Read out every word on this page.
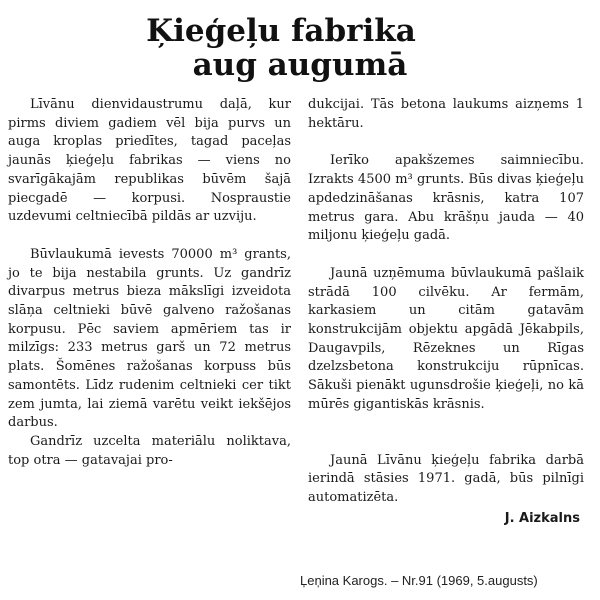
Ķieģeļu fabrika
aug augumā

Līvānu dienvidaustrumu daļā, kur pirms diviem gadiem vēl bija purvs un auga kroplas priedītes, tagad paceļas jaunās ķieģeļu fabrikas — viens no svarīgākajām republikas būvēm šajā piecgadē — korpusi. Nospraustie uzdevumi celtniecībā pildās ar uzviju.

Būvlaukumā ievests 70000 m³ grants, jo te bija nestabila grunts. Uz gandrīz divarpus metrus bieza mākslīgi izveidota slāņa celtnieki būvē galveno ražošanas korpusu. Pēc saviem apmēriem tas ir milzīgs: 233 metrus garš un 72 metrus plats. Šomēnes ražošanas korpuss būs samontēts. Līdz rudenim celtnieki cer tikt zem jumta, lai ziemā varētu veikt iekšējos darbus.

Gandrīz uzcelta materiālu noliktava, top otra — gatavajai pro-

dukcijai. Tās betona laukums aizņems 1 hektāru.

Ierīko apakšzemes saimniecību. Izrakts 4500 m³ grunts. Būs divas ķieģeļu apdedzināšanas krāsnis, katra 107 metrus gara. Abu krāšņu jauda — 40 miljonu ķieģeļu gadā.

Jaunā uzņēmuma būvlaukumā pašlaik strādā 100 cilvēku. Ar fermām, karkasiem un citām gatavām konstrukcijām objektu apgādā Jēkabpils, Daugavpils, Rēzeknes un Rīgas dzelzsbetona konstrukciju rūpnīcas. Sākuši pienākt ugunsdrošie ķieģeļi, no kā mūrēs gigantiskās krāsnis.

Jaunā Līvānu ķieģeļu fabrika darbā ierindā stāsies 1971. gadā, būs pilnīgi automatizēta.

J. Aizkalns
Ļeņina Karogs. – Nr.91 (1969, 5.augusts)
